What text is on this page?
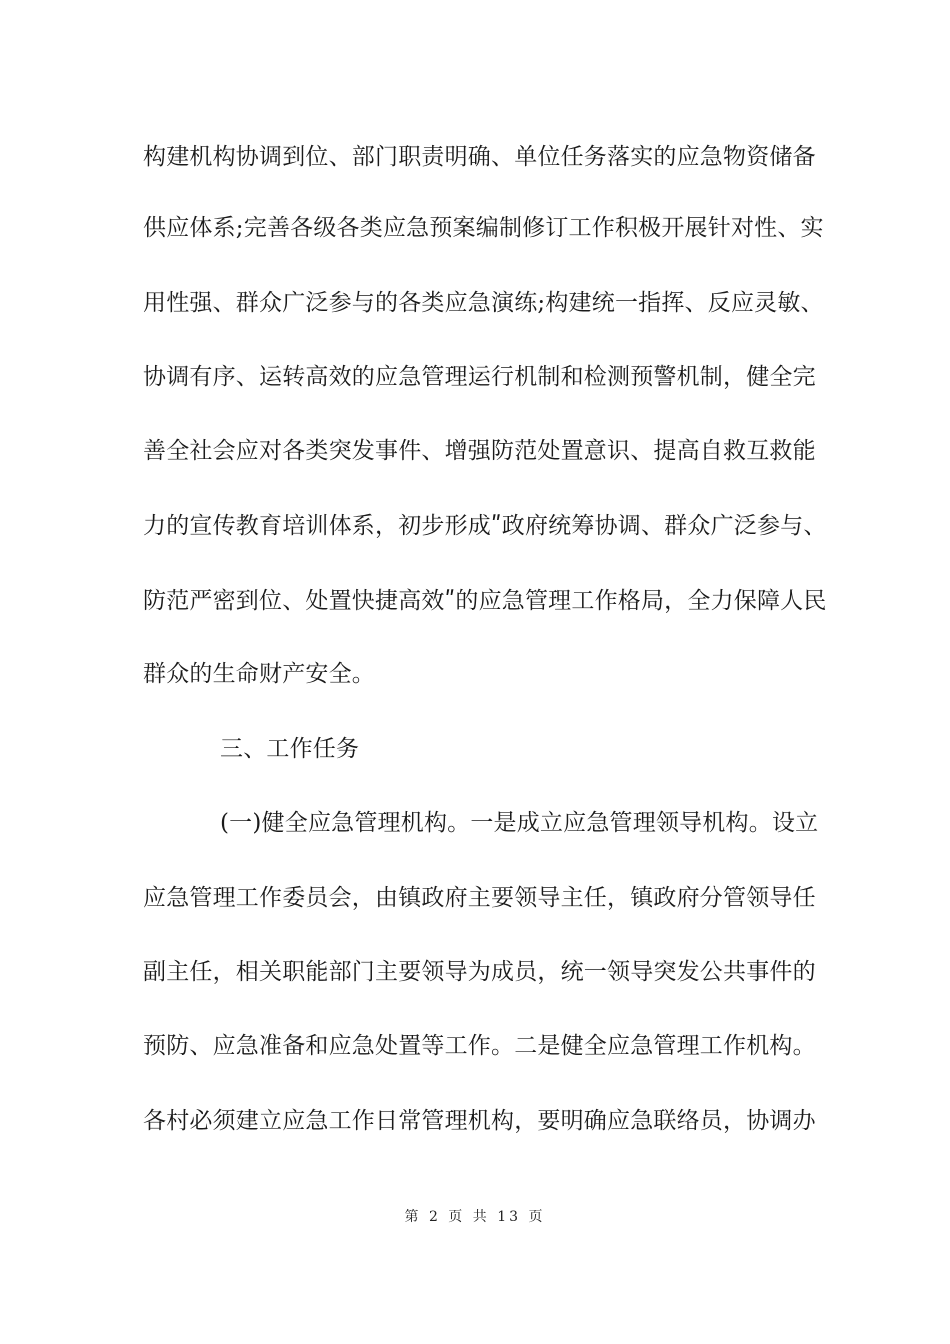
构建机构协调到位、部门职责明确、单位任务落实的应急物资储备
供应体系;完善各级各类应急预案编制修订工作积极开展针对性、实
用性强、群众广泛参与的各类应急演练;构建统一指挥、反应灵敏、
协调有序、运转高效的应急管理运行机制和检测预警机制，健全完
善全社会应对各类突发事件、增强防范处置意识、提高自救互救能
力的宣传教育培训体系，初步形成ʺ政府统筹协调、群众广泛参与、
防范严密到位、处置快捷高效ʺ的应急管理工作格局，全力保障人民
群众的生命财产安全。
三、工作任务
(一)健全应急管理机构。一是成立应急管理领导机构。设立
应急管理工作委员会，由镇政府主要领导主任，镇政府分管领导任
副主任，相关职能部门主要领导为成员，统一领导突发公共事件的
预防、应急准备和应急处置等工作。二是健全应急管理工作机构。
各村必须建立应急工作日常管理机构，要明确应急联络员，协调办
第 2 页 共 13 页
